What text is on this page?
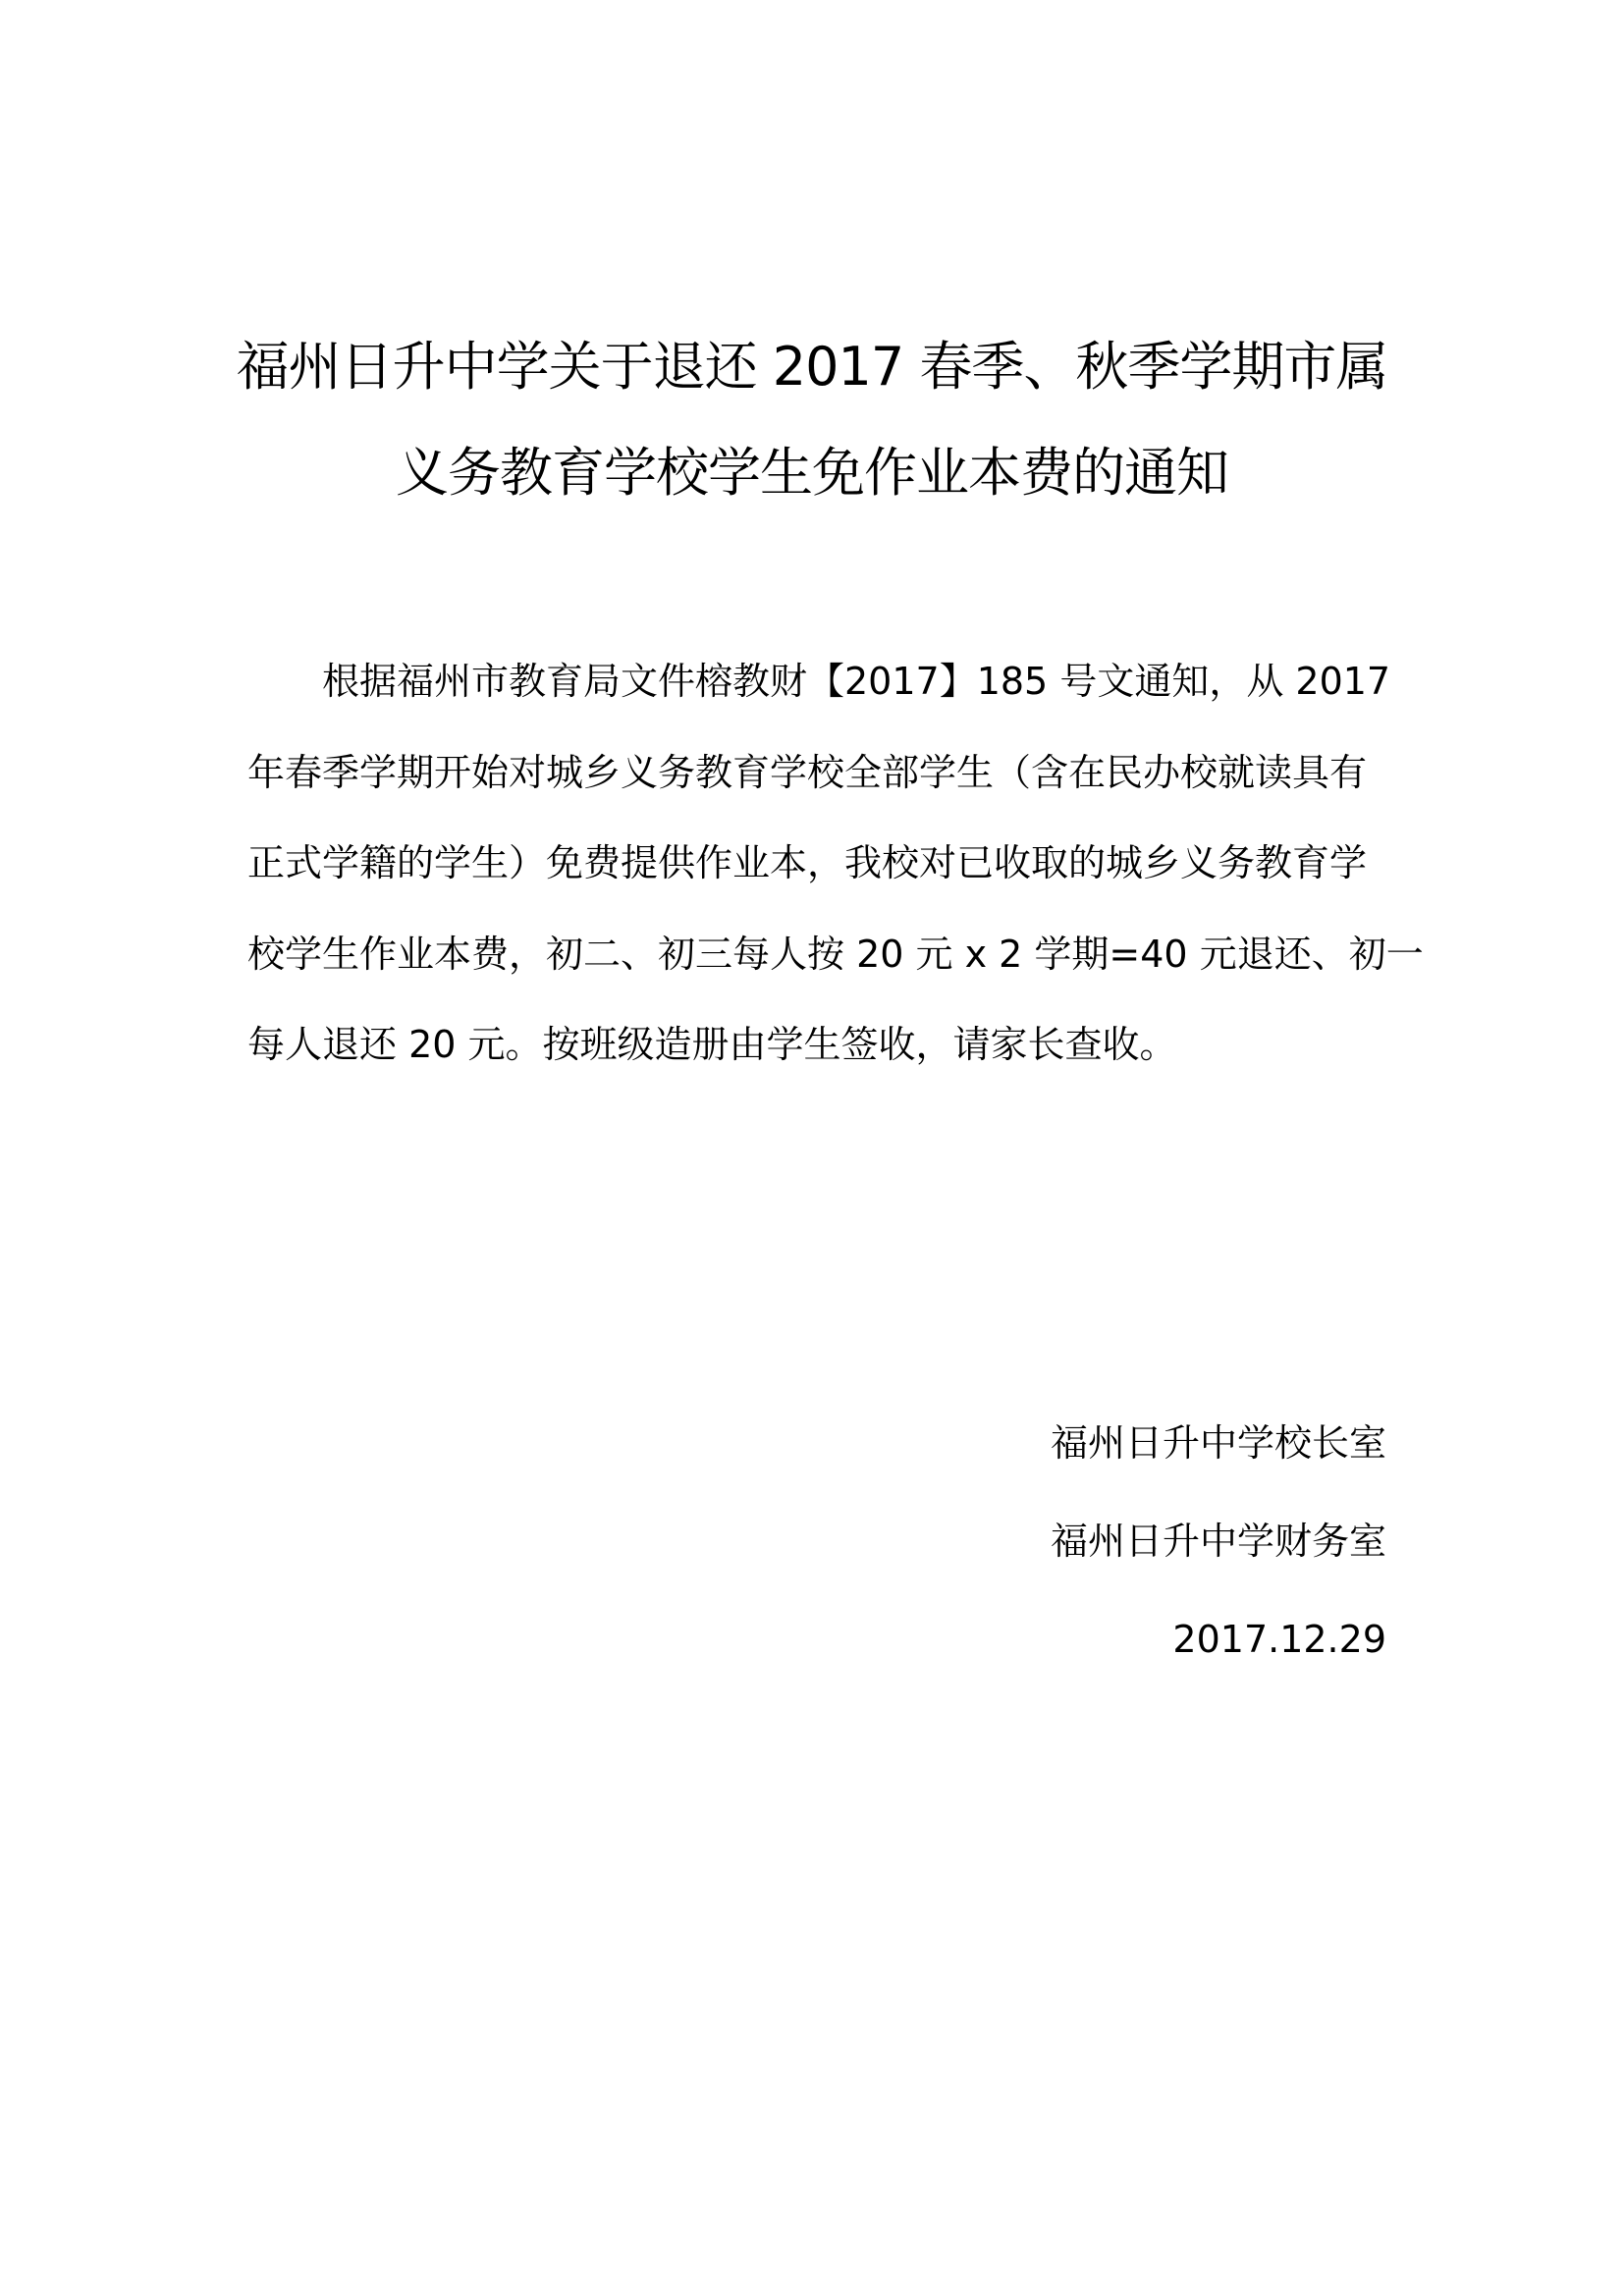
福州日升中学关于退还 2017 春季、秋季学期市属
义务教育学校学生免作业本费的通知
根据福州市教育局文件榕教财【2017】185 号文通知，从 2017
年春季学期开始对城乡义务教育学校全部学生（含在民办校就读具有
正式学籍的学生）免费提供作业本，我校对已收取的城乡义务教育学
校学生作业本费，初二、初三每人按 20 元 x 2 学期=40 元退还、初一
每人退还 20 元。按班级造册由学生签收，请家长查收。
福州日升中学校长室
福州日升中学财务室
2017.12.29
